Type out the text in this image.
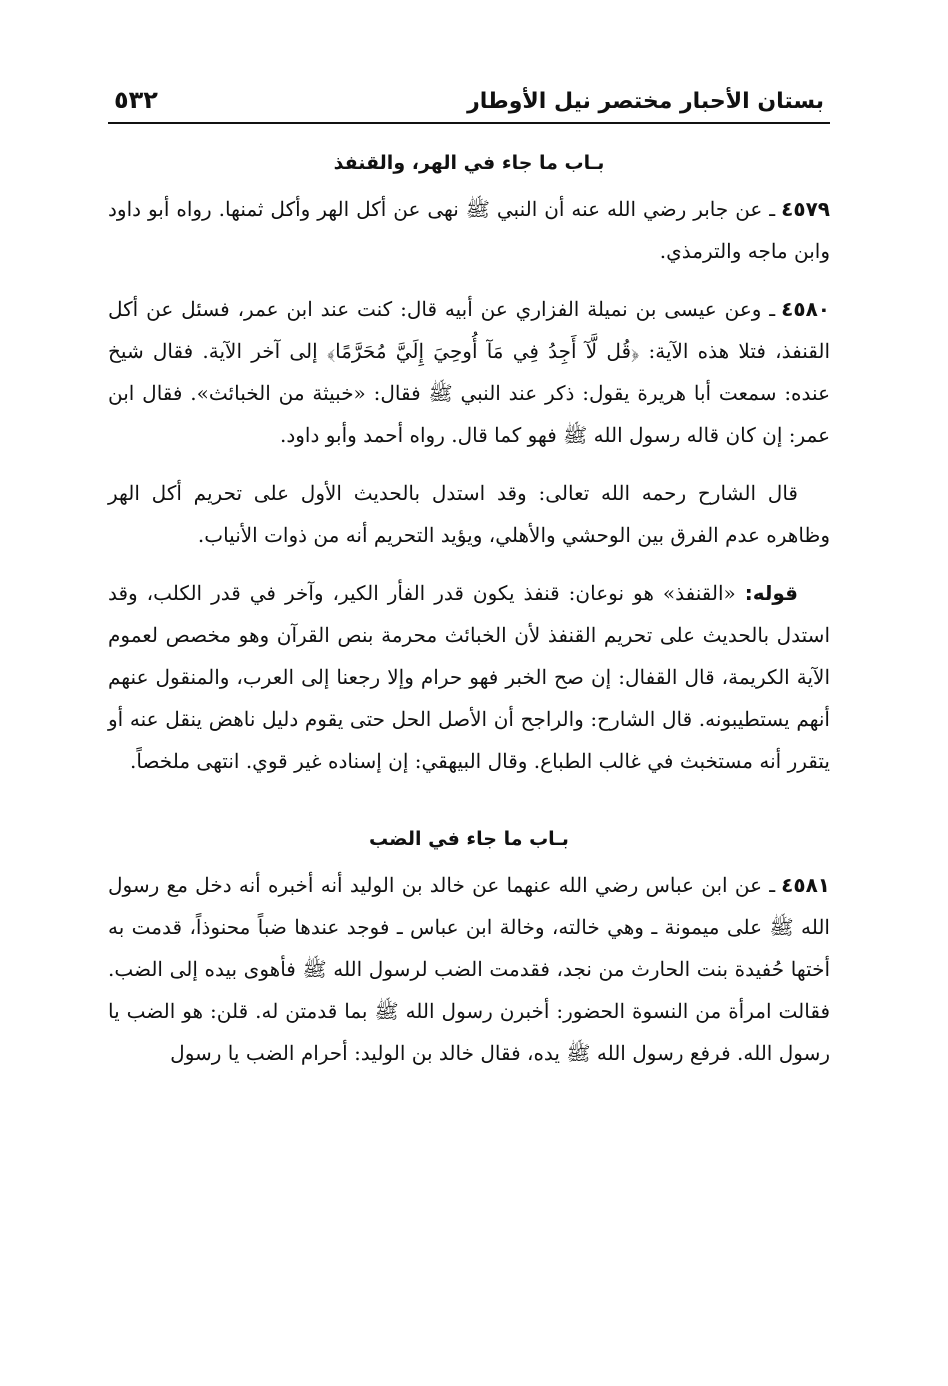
بستان الأحبار مختصر نيل الأوطار
٥٣٢
بـاب ما جاء في الهر، والقنفذ

٤٥٧٩ـ عن جابر رضي الله عنه أن النبي ﷺ نهى عن أكل الهر وأكل ثمنها. رواه أبو داود وابن ماجه والترمذي.

٤٥٨٠ـ وعن عيسى بن نميلة الفزاري عن أبيه قال: كنت عند ابن عمر، فسئل عن أكل القنفذ، فتلا هذه الآية: ﴿قُل لَّآ أَجِدُ فِي مَآ أُوحِيَ إِلَيَّ مُحَرَّمًا﴾ إلى آخر الآية. فقال شيخ عنده: سمعت أبا هريرة يقول: ذكر عند النبي ﷺ فقال: «خبيثة من الخبائث». فقال ابن عمر: إن كان قاله رسول الله ﷺ فهو كما قال. رواه أحمد وأبو داود.

قال الشارح رحمه الله تعالى: وقد استدل بالحديث الأول على تحريم أكل الهر وظاهره عدم الفرق بين الوحشي والأهلي، ويؤيد التحريم أنه من ذوات الأنياب.

قوله: «القنفذ» هو نوعان: قنفذ يكون قدر الفأر الكير، وآخر في قدر الكلب، وقد استدل بالحديث على تحريم القنفذ لأن الخبائث محرمة بنص القرآن وهو مخصص لعموم الآية الكريمة، قال القفال: إن صح الخبر فهو حرام وإلا رجعنا إلى العرب، والمنقول عنهم أنهم يستطيبونه. قال الشارح: والراجح أن الأصل الحل حتى يقوم دليل ناهض ينقل عنه أو يتقرر أنه مستخبث في غالب الطباع. وقال البيهقي: إن إسناده غير قوي. انتهى ملخصاً.

بـاب ما جاء في الضب

٤٥٨١ـ عن ابن عباس رضي الله عنهما عن خالد بن الوليد أنه أخبره أنه دخل مع رسول الله ﷺ على ميمونة ـ وهي خالته، وخالة ابن عباس ـ فوجد عندها ضباً محنوذاً، قدمت به أختها حُفيدة بنت الحارث من نجد، فقدمت الضب لرسول الله ﷺ فأهوى بيده إلى الضب. فقالت امرأة من النسوة الحضور: أخبرن رسول الله ﷺ بما قدمتن له. قلن: هو الضب يا رسول الله. فرفع رسول الله ﷺ يده، فقال خالد بن الوليد: أحرام الضب يا رسول
